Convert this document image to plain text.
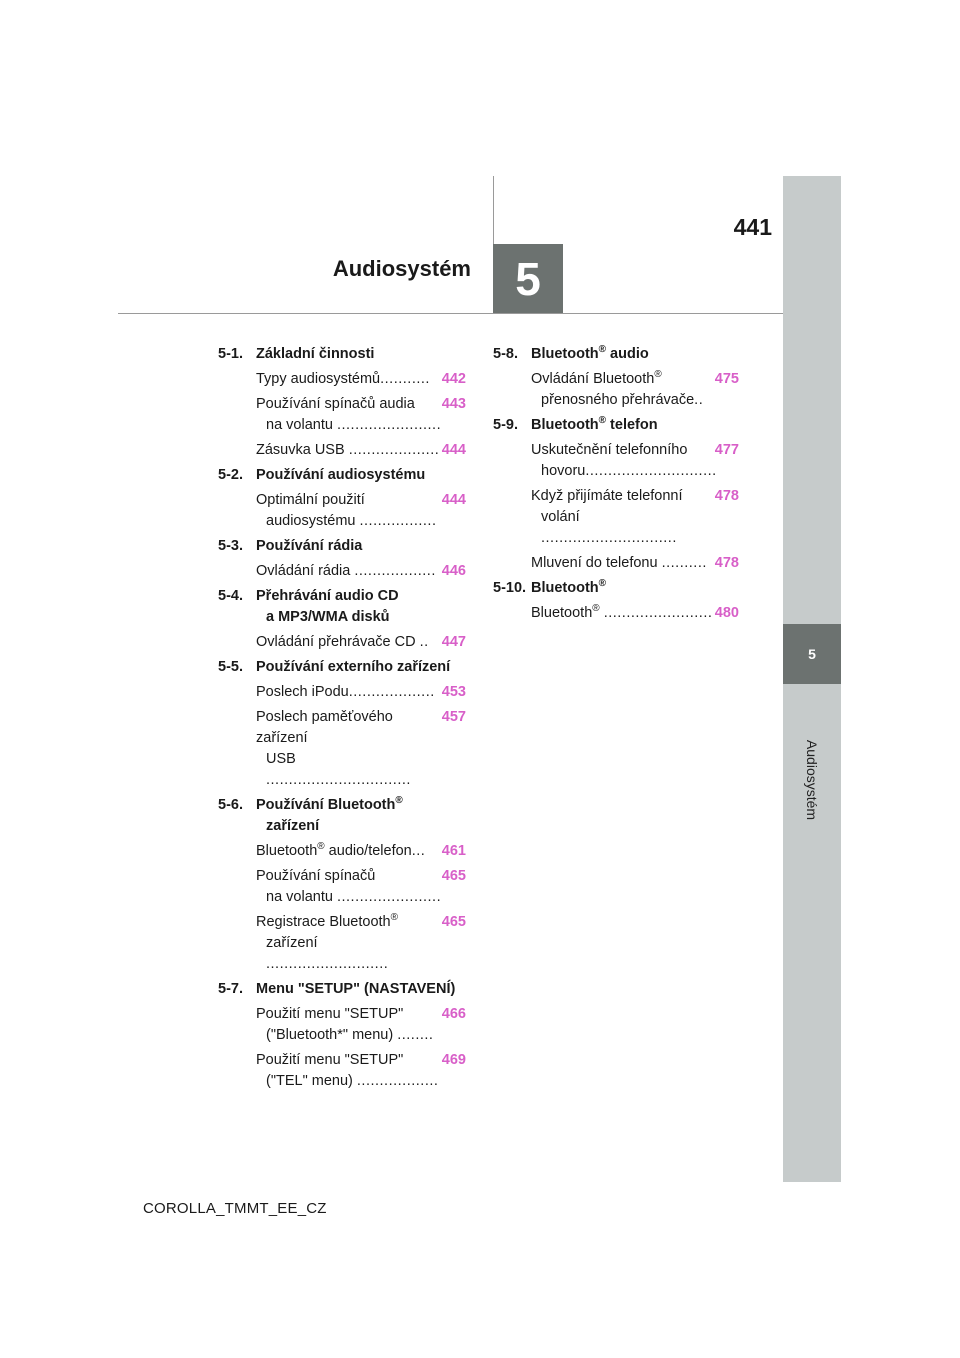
5
Audiosystém
5
441
Audiosystém
5-1. Základní činnosti
Typy audiosystémů........... 442
Používání spínačů audia
na volantu .......................
443
Zásuvka USB .................... 444
5-2. Používání audiosystému
Optimální použití
audiosystému .................
444
5-3. Používání rádia
Ovládání rádia .................. 446
5-4. Přehrávání audio CD
a MP3/WMA disků
Ovládání přehrávače CD .. 447
5-5. Používání externího zařízení
Poslech iPodu................... 453
Poslech paměťového zařízení
USB ................................
457
5-6. Používání Bluetooth®
zařízení
Bluetooth® audio/telefon...	461
Používání spínačů
na volantu .......................
465
Registrace Bluetooth®
zařízení ...........................
465
5-7. Menu "SETUP" (NASTAVENÍ)
Použití menu "SETUP"
("Bluetooth*" menu) ........
466
Použití menu "SETUP"
("TEL" menu) ..................
469
5-8. Bluetooth® audio
Ovládání Bluetooth®
přenosného přehrávače..
475
5-9. Bluetooth® telefon
Uskutečnění telefonního
hovoru.............................
477
Když přijímáte telefonní
volání ..............................
478
Mluvení do telefonu .......... 478
5-10. Bluetooth®
Bluetooth® ........................ 480
COROLLA_TMMT_EE_CZ
